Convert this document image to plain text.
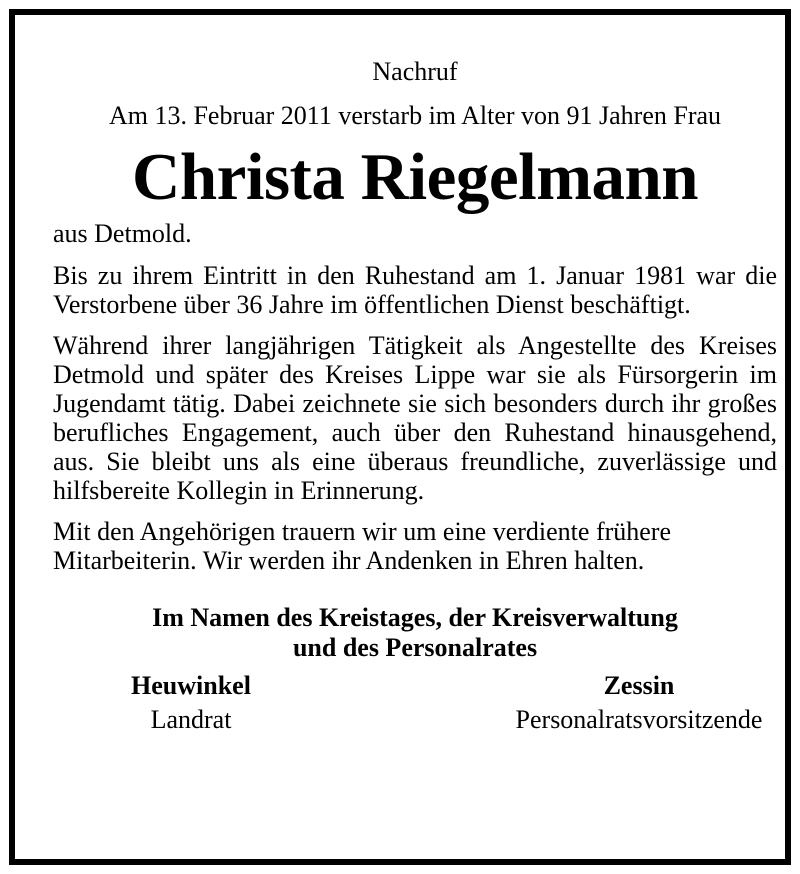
Nachruf

Am 13. Februar 2011 verstarb im Alter von 91 Jahren Frau

Christa Riegelmann

aus Detmold.

Bis zu ihrem Eintritt in den Ruhestand am 1. Januar 1981 war die Verstorbene über 36 Jahre im öffentlichen Dienst beschäftigt.

Während ihrer langjährigen Tätigkeit als Angestellte des Kreises Detmold und später des Kreises Lippe war sie als Fürsorgerin im Jugendamt tätig. Dabei zeichnete sie sich besonders durch ihr großes berufliches Engagement, auch über den Ruhestand hinausgehend, aus. Sie bleibt uns als eine überaus freundliche, zuverlässige und hilfsbereite Kollegin in Erinnerung.

Mit den Angehörigen trauern wir um eine verdiente frühere Mitarbeiterin. Wir werden ihr Andenken in Ehren halten.

Im Namen des Kreistages, der Kreisverwaltung
und des Personalrates
Heuwinkel
Landrat
Zessin
Personalratsvorsitzende
